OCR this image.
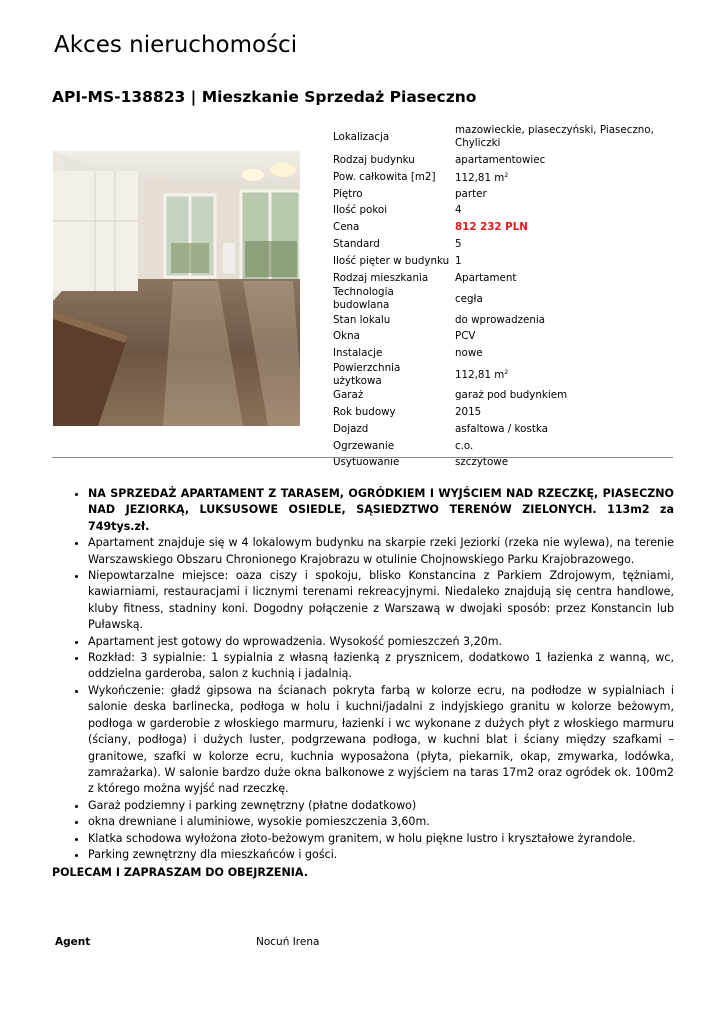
Akces nieruchomości
API-MS-138823 | Mieszkanie Sprzedaż Piaseczno
Lokalizacja	mazowieckie, piaseczyński, Piaseczno, Chyliczki
Rodzaj budynku	apartamentowiec
Pow. całkowita [m2]	112,81 $m^2$
Piętro	parter
Ilość pokoi	4
Cena	812 232 PLN
Standard	5
Ilość pięter w budynku	1
Rodzaj mieszkania	Apartament
Technologia budowlana	cegła
Stan lokalu	do wprowadzenia
Okna	PCV
Instalacje	nowe
Powierzchnia użytkowa	112,81 $m^2$
Garaż	garaż pod budynkiem
Rok budowy	2015
Dojazd	asfaltowa / kostka
Ogrzewanie	c.o.
Usytuowanie	szczytowe
• NA SPRZEDAŻ APARTAMENT Z TARASEM, OGRÓDKIEM I WYJŚCIEM NAD RZECZKĘ, PIASECZNO NAD JEZIORKĄ, LUKSUSOWE OSIEDLE, SĄSIEDZTWO TERENÓW ZIELONYCH. 113m2 za 749tys.zł.
• Apartament znajduje się w 4 lokalowym budynku na skarpie rzeki Jeziorki (rzeka nie wylewa), na terenie Warszawskiego Obszaru Chronionego Krajobrazu w otulinie Chojnowskiego Parku Krajobrazowego.
• Niepowtarzalne miejsce: oaza ciszy i spokoju, blisko Konstancina z Parkiem Zdrojowym, tężniami, kawiarniami, restauracjami i licznymi terenami rekreacyjnymi. Niedaleko znajdują się centra handlowe, kluby fitness, stadniny koni. Dogodny połączenie z Warszawą w dwojaki sposób: przez Konstancin lub Puławską.
• Apartament jest gotowy do wprowadzenia. Wysokość pomieszczeń 3,20m.
• Rozkład: 3 sypialnie: 1 sypialnia z własną łazienką z prysznicem, dodatkowo 1 łazienka z wanną, wc, oddzielna garderoba, salon z kuchnią i jadalnią.
• Wykończenie: gładź gipsowa na ścianach pokryta farbą w kolorze ecru, na podłodze w sypialniach i salonie deska barlinecka, podłoga w holu i kuchni/jadalni z indyjskiego granitu w kolorze beżowym, podłoga w garderobie z włoskiego marmuru, łazienki i wc wykonane z dużych płyt z włoskiego marmuru (ściany, podłoga) i dużych luster, podgrzewana podłoga, w kuchni blat i ściany między szafkami – granitowe, szafki w kolorze ecru, kuchnia wyposażona (płyta, piekarnik, okap, zmywarka, lodówka, zamrażarka). W salonie bardzo duże okna balkonowe z wyjściem na taras 17m2 oraz ogródek ok. 100m2 z którego można wyjść nad rzeczkę.
• Garaż podziemny i parking zewnętrzny (płatne dodatkowo)
• okna drewniane i aluminiowe, wysokie pomieszczenia 3,60m.
• Klatka schodowa wyłożona złoto-beżowym granitem, w holu piękne lustro i kryształowe żyrandole.
• Parking zewnętrzny dla mieszkańców i gości.
POLECAM I ZAPRASZAM DO OBEJRZENIA.
Agent	Nocuń Irena
